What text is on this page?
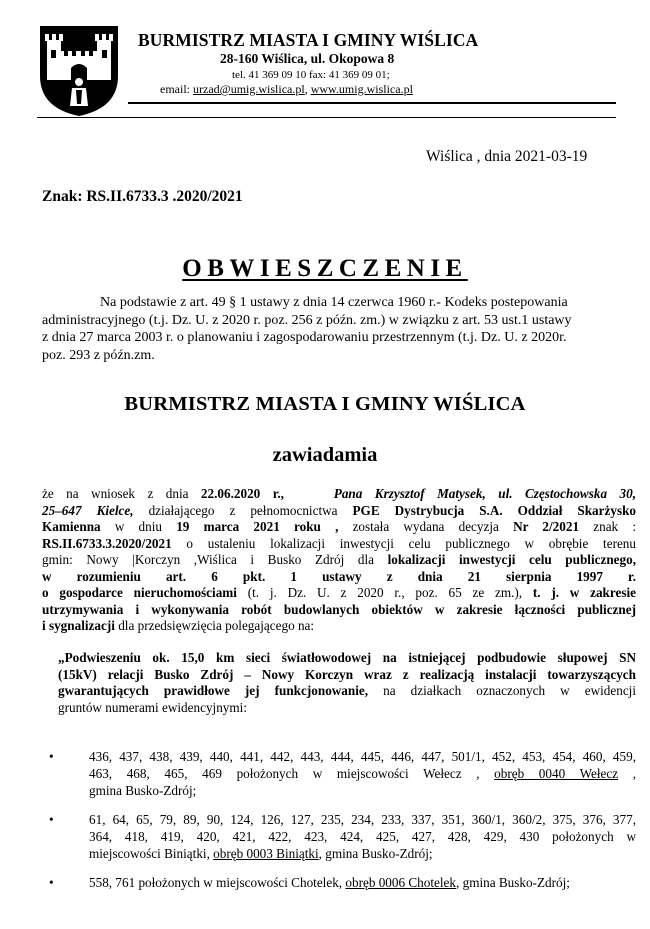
BURMISTRZ MIASTA I GMINY WIŚLICA
28-160 Wiślica, ul. Okopowa 8
tel. 41 369 09 10 fax: 41 369 09 01;
email: urzad@umig.wislica.pl, www.umig.wislica.pl
Wiślica , dnia 2021-03-19
Znak: RS.II.6733.3 .2020/2021
OBWIESZCZENIE
Na podstawie z art. 49 § 1 ustawy z dnia 14 czerwca 1960 r.- Kodeks postepowania
administracyjnego (t.j. Dz. U. z 2020 r. poz. 256 z późn. zm.) w związku z art. 53 ust.1 ustawy
z dnia 27 marca 2003 r. o planowaniu i zagospodarowaniu przestrzennym (t.j. Dz. U. z 2020r.
poz. 293 z późn.zm.
BURMISTRZ MIASTA I GMINY WIŚLICA
zawiadamia
że na wniosek z dnia 22.06.2020 r.,	Pana Krzysztof Matysek, ul. Częstochowska 30,
25–647 Kielce, działającego z pełnomocnictwa PGE Dystrybucja S.A. Oddział Skarżysko
Kamienna w dniu 19 marca 2021 roku , została wydana decyzja Nr 2/2021 znak :
RS.II.6733.3.2020/2021 o ustaleniu lokalizacji inwestycji celu publicznego w obrębie terenu
gmin: Nowy |Korczyn ,Wiślica i Busko Zdrój dla lokalizacji inwestycji celu publicznego,
w rozumieniu art. 6 pkt. 1 ustawy z dnia 21 sierpnia 1997 r.
o gospodarce nieruchomościami (t. j. Dz. U. z 2020 r., poz. 65 ze zm.), t. j. w zakresie
utrzymywania i wykonywania robót budowlanych obiektów w zakresie łączności publicznej
i sygnalizacji dla przedsięwzięcia polegającego na:
„Podwieszeniu ok. 15,0 km sieci światłowodowej na istniejącej podbudowie słupowej SN
(15kV) relacji Busko Zdrój – Nowy Korczyn wraz z realizacją instalacji towarzyszących
gwarantujących prawidłowe jej funkcjonowanie, na działkach oznaczonych w ewidencji
gruntów numerami ewidencyjnymi:
•	436, 437, 438, 439, 440, 441, 442, 443, 444, 445, 446, 447, 501/1, 452, 453, 454, 460, 459,
463, 468, 465, 469 położonych w miejscowości Wełecz , obręb 0040 Wełecz ,
gmina Busko-Zdrój;
•	61, 64, 65, 79, 89, 90, 124, 126, 127, 235, 234, 233, 337, 351, 360/1, 360/2, 375, 376, 377,
364, 418, 419, 420, 421, 422, 423, 424, 425, 427, 428, 429, 430 położonych w
miejscowości Biniątki, obręb 0003 Biniątki, gmina Busko-Zdrój;
•	558, 761 położonych w miejscowości Chotelek, obręb 0006 Chotelek, gmina Busko-Zdrój;
